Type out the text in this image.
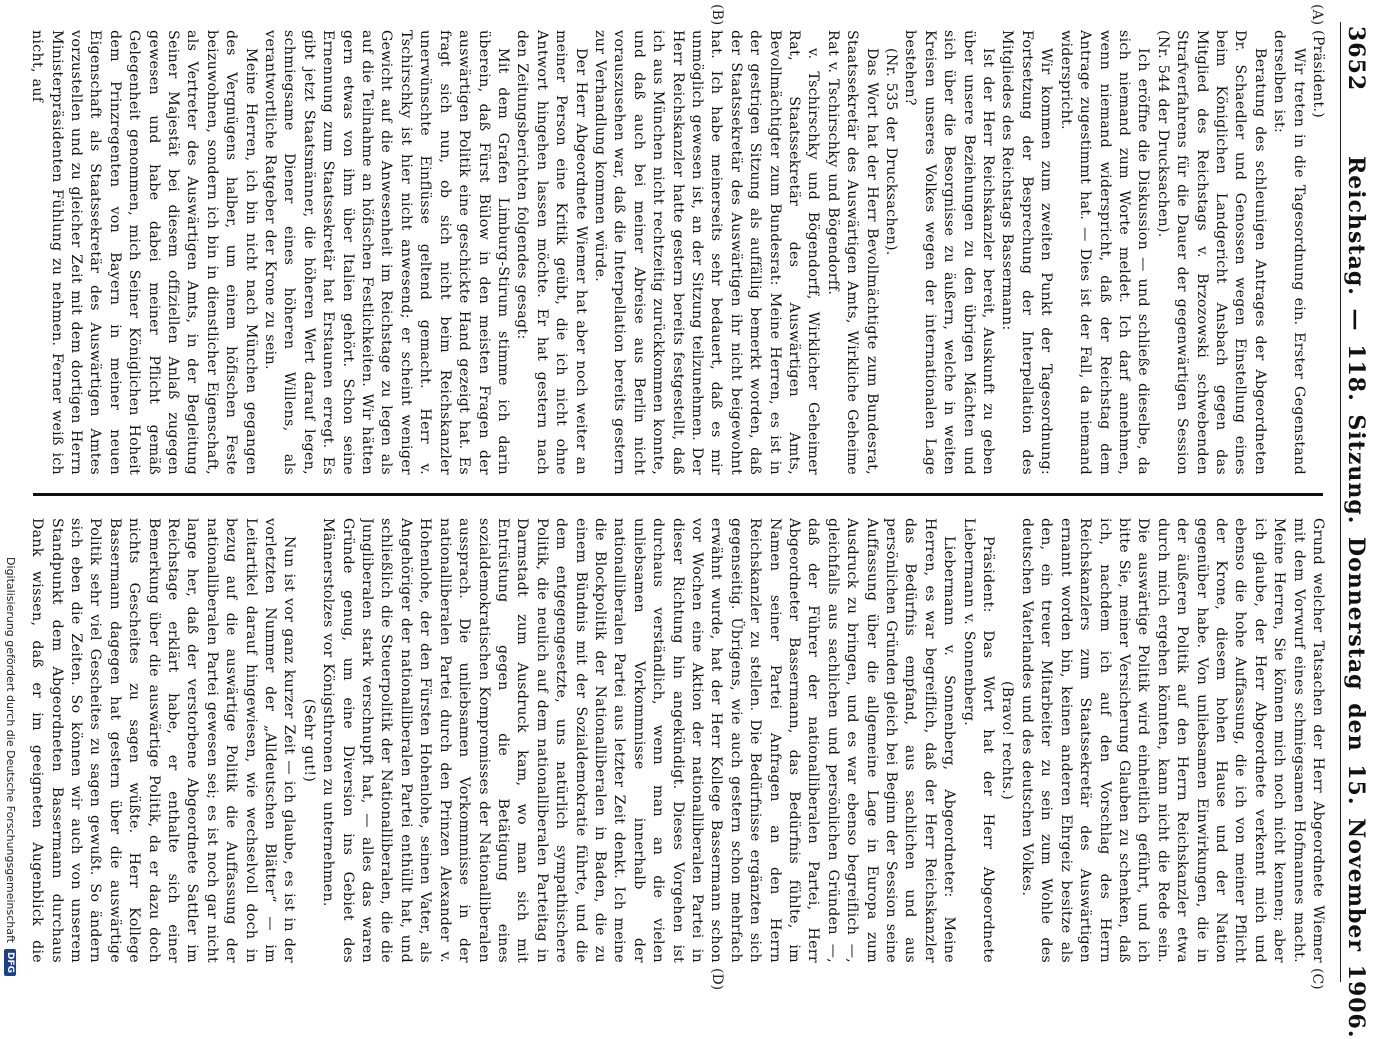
3652
Reichstag. — 118. Sitzung. Donnerstag den 15. November 1906.
(A)
(B)
(C)
(D)

(Präsident.)

Wir treten in die Tagesordnung ein. Erster Gegenstand derselben ist:

Beratung des schleunigen Antrages der Abgeordneten Dr. Schaedler und Genossen wegen Einstellung eines beim Königlichen Landgericht Ansbach gegen das Mitglied des Reichstags v. Brzozowski schwebenden Strafverfahrens für die Dauer der gegenwärtigen Session (Nr. 544 der Drucksachen).

Ich eröffne die Diskussion — und schließe dieselbe, da sich niemand zum Worte meldet. Ich darf annehmen, wenn niemand widerspricht, daß der Reichstag dem Antrage zugestimmt hat. — Dies ist der Fall, da niemand widerspricht.

Wir kommen zum zweiten Punkt der Tagesordnung: Fortsetzung der Besprechung der Interpellation des Mitgliedes des Reichstags Bassermann:

Ist der Herr Reichskanzler bereit, Auskunft zu geben über unsere Beziehungen zu den übrigen Mächten und sich über die Besorgnisse zu äußern, welche in weiten Kreisen unseres Volkes wegen der internationalen Lage bestehen?

(Nr. 535 der Drucksachen).

Das Wort hat der Herr Bevollmächtigte zum Bundesrat, Staatssekretär des Auswärtigen Amts, Wirkliche Geheime Rat v. Tschirschky und Bögendorff.

v. Tschirschky und Bögendorff, Wirklicher Geheimer Rat, Staatssekretär des Auswärtigen Amts, Bevollmächtigter zum Bundesrat: Meine Herren, es ist in der gestrigen Sitzung als auffällig bemerkt worden, daß der Staatssekretär des Auswärtigen ihr nicht beigewohnt hat. Ich habe meinerseits sehr bedauert, daß es mir unmöglich gewesen ist, an der Sitzung teilzunehmen. Der Herr Reichskanzler hatte gestern bereits festgestellt, daß ich aus München nicht rechtzeitig zurückkommen konnte, und daß auch bei meiner Abreise aus Berlin nicht vorauszusehen war, daß die Interpellation bereits gestern zur Verhandlung kommen würde.

Der Herr Abgeordnete Wiemer hat aber noch weiter an meiner Person eine Kritik geübt, die ich nicht ohne Antwort hingehen lassen möchte. Er hat gestern nach den Zeitungsberichten folgendes gesagt:

Mit dem Grafen Limburg-Stirum stimme ich darin überein, daß Fürst Bülow in den meisten Fragen der auswärtigen Politik eine geschickte Hand gezeigt hat. Es fragt sich nun, ob sich nicht beim Reichskanzler unerwünschte Einflüsse geltend gemacht. Herr v. Tschirschky ist hier nicht anwesend; er scheint weniger Gewicht auf die Anwesenheit im Reichstage zu legen als auf die Teilnahme an höfischen Festlichkeiten. Wir hätten gern etwas von ihm über Italien gehört. Schon seine Ernennung zum Staatssekretär hat Erstaunen erregt. Es gibt jetzt Staatsmänner, die höheren Wert darauf legen, schmiegsame Diener eines höheren Willens, als verantwortliche Ratgeber der Krone zu sein.

Meine Herren, ich bin nicht nach München gegangen des Vergnügens halber, um einem höfischen Feste beizuwohnen, sondern ich bin in dienstlicher Eigenschaft, als Vertreter des Auswärtigen Amts, in der Begleitung Seiner Majestät bei diesem offiziellen Anlaß zugegen gewesen und habe dabei meiner Pflicht gemäß Gelegenheit genommen, mich Seiner Königlichen Hoheit dem Prinzregenten von Bayern in meiner neuen Eigenschaft als Staatssekretär des Auswärtigen Amtes vorzustellen und zu gleicher Zeit mit dem dortigen Herrn Ministerpräsidenten Fühlung zu nehmen. Ferner weiß ich nicht, auf

Grund welcher Tatsachen der Herr Abgeordnete Wiemer mit dem Vorwurf eines schmiegsamen Hofmannes macht. Meine Herren, Sie können mich noch nicht kennen; aber ich glaube, der Herr Abgeordnete verkennt mich und ebenso die hohe Auffassung, die ich von meiner Pflicht der Krone, diesem hohen Hause und der Nation gegenüber habe. Von unliebsamen Einwirkungen, die in der äußeren Politik auf den Herrn Reichskanzler etwa durch mich ergehen könnten, kann nicht die Rede sein. Die auswärtige Politik wird einheitlich geführt, und ich bitte Sie, meiner Versicherung Glauben zu schenken, daß ich, nachdem ich auf den Vorschlag des Herrn Reichskanzlers zum Staatssekretär des Auswärtigen ernannt worden bin, keinen anderen Ehrgeiz besitze als den, ein treuer Mitarbeiter zu sein zum Wohle des deutschen Vaterlandes und des deutschen Volkes.

(Bravo! rechts.)

Präsident: Das Wort hat der Herr Abgeordnete Liebermann v. Sonnenberg.

Liebermann v. Sonnenberg, Abgeordneter: Meine Herren, es war begreiflich, daß der Herr Reichskanzler das Bedürfnis empfand, aus sachlichen und aus persönlichen Gründen gleich bei Beginn der Session seine Auffassung über die allgemeine Lage in Europa zum Ausdruck zu bringen, und es war ebenso begreiflich —, gleichfalls aus sachlichen und persönlichen Gründen —, daß der Führer der nationalliberalen Partei, Herr Abgeordneter Bassermann, das Bedürfnis fühlte, im Namen seiner Partei Anfragen an den Herrn Reichskanzler zu stellen. Die Bedürfnisse ergänzten sich gegenseitig. Übrigens, wie auch gestern schon mehrfach erwähnt wurde, hat der Herr Kollege Bassermann schon vor Wochen eine Aktion der nationalliberalen Partei in dieser Richtung hin angekündigt. Dieses Vorgehen ist durchaus verständlich, wenn man an die vielen unliebsamen Vorkommnisse innerhalb der nationalliberalen Partei aus letzter Zeit denkt. Ich meine die Blockpolitik der Nationalliberalen in Baden, die zu einem Bündnis mit der Sozialdemokratie führte, und die dem entgegengesetzte, uns natürlich sympathischere Politik, die neulich auf dem nationalliberalen Parteitag in Darmstadt zum Ausdruck kam, wo man sich mit Entrüstung gegen die Betätigung eines sozialdemokratischen Kompromisses der Nationalliberalen aussprach. Die unliebsamen Vorkommnisse in der nationalliberalen Partei durch den Prinzen Alexander v. Hohenlohe, der den Fürsten Hohenlohe, seinen Vater, als Angehöriger der nationalliberalen Partei enthüllt hat, und schließlich die Steuerpolitik der Nationalliberalen, die die Jungliberalen stark verschnupft hat, — alles das waren Gründe genug, um eine Diversion ins Gebiet des Männerstolzes vor Königsthronen zu unternehmen.

(Sehr gut!)

Nun ist vor ganz kurzer Zeit — ich glaube, es ist in der vorletzten Nummer der „Alldeutschen Blätter“ — im Leitartikel darauf hingewiesen, wie wechselvoll doch in bezug auf die auswärtige Politik die Auffassung der nationalliberalen Partei gewesen sei; es ist noch gar nicht lange her, daß der verstorbene Abgeordnete Sattler im Reichstage erklärt habe, er enthalte sich einer Bemerkung über die auswärtige Politik, da er dazu doch nichts Gescheites zu sagen wüßte. Herr Kollege Bassermann dagegen hat gestern über die auswärtige Politik sehr viel Gescheites zu sagen gewußt. So ändern sich eben die Zeiten. So können wir auch von unserem Standpunkt dem Abgeordneten Bassermann durchaus Dank wissen, daß er im geeigneten Augenblick die

Digitalisierung gefördert durch die Deutsche Forschungsgemeinschaft
DFG
